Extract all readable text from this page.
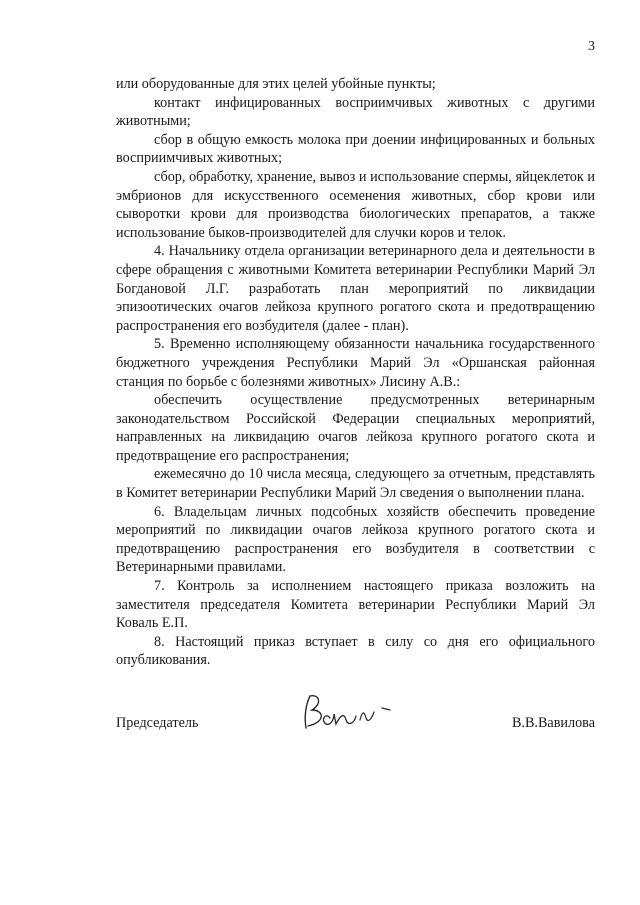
3

или оборудованные для этих целей убойные пункты;

контакт инфицированных восприимчивых животных с другими животными;

сбор в общую емкость молока при доении инфицированных и больных восприимчивых животных;

сбор, обработку, хранение, вывоз и использование спермы, яйцеклеток и эмбрионов для искусственного осеменения животных, сбор крови или сыворотки крови для производства биологических препаратов, а также использование быков-производителей для случки коров и телок.

4. Начальнику отдела организации ветеринарного дела и деятельности в сфере обращения с животными Комитета ветеринарии Республики Марий Эл Богдановой Л.Г. разработать план мероприятий по ликвидации эпизоотических очагов лейкоза крупного рогатого скота и предотвращению распространения его возбудителя (далее - план).

5. Временно исполняющему обязанности начальника государственного бюджетного учреждения Республики Марий Эл «Оршанская районная станция по борьбе с болезнями животных» Лисину А.В.:

обеспечить осуществление предусмотренных ветеринарным законодательством Российской Федерации специальных мероприятий, направленных на ликвидацию очагов лейкоза крупного рогатого скота и предотвращение его распространения;

ежемесячно до 10 числа месяца, следующего за отчетным, представлять в Комитет ветеринарии Республики Марий Эл сведения о выполнении плана.

6. Владельцам личных подсобных хозяйств обеспечить проведение мероприятий по ликвидации очагов лейкоза крупного рогатого скота и предотвращению распространения его возбудителя в соответствии с Ветеринарными правилами.

7. Контроль за исполнением настоящего приказа возложить на заместителя председателя Комитета ветеринарии Республики Марий Эл Коваль Е.П.

8. Настоящий приказ вступает в силу со дня его официального опубликования.

Председатель	В.В.Вавилова
